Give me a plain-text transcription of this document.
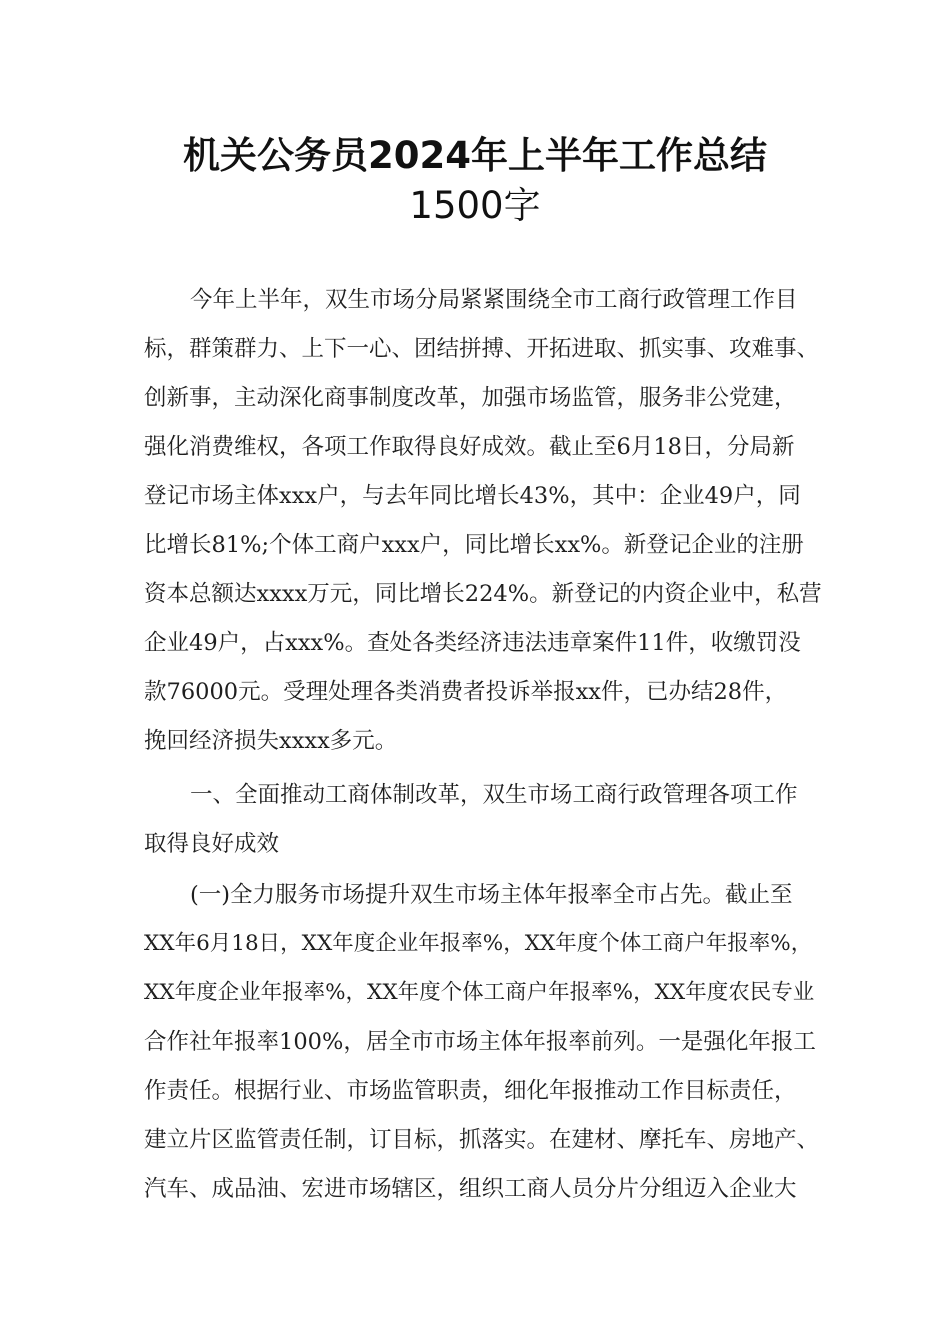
机关公务员2024年上半年工作总结
1500字

今年上半年，双生市场分局紧紧围绕全市工商行政管理工作目

标，群策群力、上下一心、团结拼搏、开拓进取、抓实事、攻难事、

创新事，主动深化商事制度改革，加强市场监管，服务非公党建，

强化消费维权，各项工作取得良好成效。截止至6月18日，分局新

登记市场主体xxx户，与去年同比增长43%，其中：企业49户，同

比增长81%;个体工商户xxx户，同比增长xx%。新登记企业的注册

资本总额达xxxx万元，同比增长224%。新登记的内资企业中，私营

企业49户，占xxx%。查处各类经济违法违章案件11件，收缴罚没

款76000元。受理处理各类消费者投诉举报xx件，已办结28件，

挽回经济损失xxxx多元。

一、全面推动工商体制改革，双生市场工商行政管理各项工作

取得良好成效

(一)全力服务市场提升双生市场主体年报率全市占先。截止至

XX年6月18日，XX年度企业年报率%，XX年度个体工商户年报率%，

XX年度企业年报率%，XX年度个体工商户年报率%，XX年度农民专业

合作社年报率100%，居全市市场主体年报率前列。一是强化年报工

作责任。根据行业、市场监管职责，细化年报推动工作目标责任，

建立片区监管责任制，订目标，抓落实。在建材、摩托车、房地产、

汽车、成品油、宏进市场辖区，组织工商人员分片分组迈入企业大
